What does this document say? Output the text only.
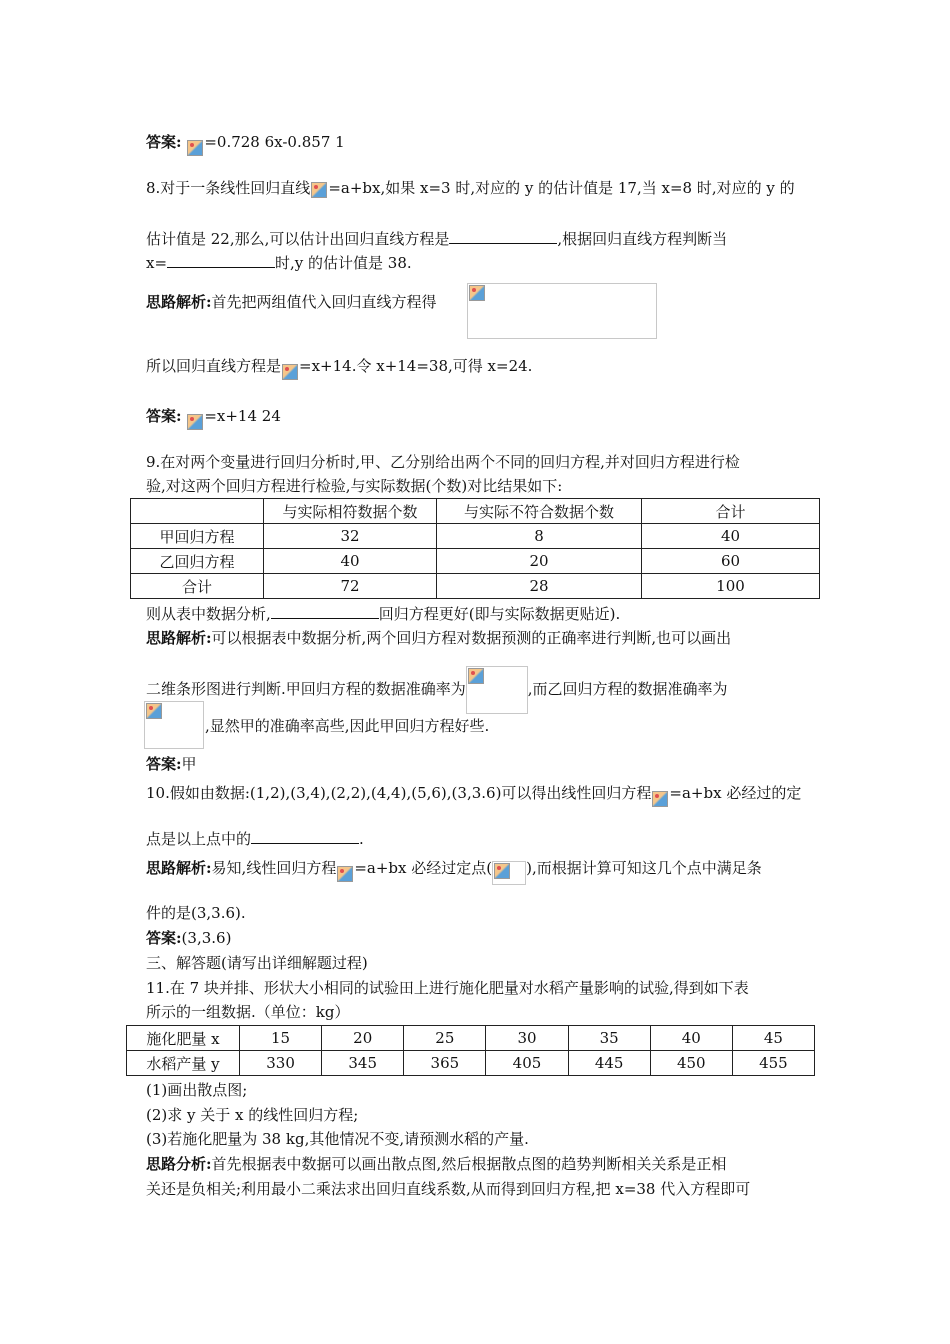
答案: =0.728 6x-0.857 1
8.对于一条线性回归直线 =a+bx,如果 x=3 时,对应的 y 的估计值是 17,当 x=8 时,对应的 y 的
估计值是 22,那么,可以估计出回归直线方程是	,根据回归直线方程判断当
x=	时,y 的估计值是 38.
思路解析:首先把两组值代入回归直线方程得
所以回归直线方程是 =x+14.令 x+14=38,可得 x=24.
答案: =x+14 24
9.在对两个变量进行回归分析时,甲、乙分别给出两个不同的回归方程,并对回归方程进行检
验,对这两个回归方程进行检验,与实际数据(个数)对比结果如下:
	与实际相符数据个数	与实际不符合数据个数	合计
甲回归方程	32	8	40
乙回归方程	40	20	60
合计	72	28	100
则从表中数据分析,	回归方程更好(即与实际数据更贴近).
思路解析:可以根据表中数据分析,两个回归方程对数据预测的正确率进行判断,也可以画出
二维条形图进行判断.甲回归方程的数据准确率为	,而乙回归方程的数据准确率为
,显然甲的准确率高些,因此甲回归方程好些.
答案:甲
10.假如由数据:(1,2),(3,4),(2,2),(4,4),(5,6),(3,3.6)可以得出线性回归方程 =a+bx 必经过的定
点是以上点中的	.
思路解析:易知,线性回归方程 =a+bx 必经过定点( ),而根据计算可知这几个点中满足条
件的是(3,3.6).
答案:(3,3.6)
三、解答题(请写出详细解题过程)
11.在 7 块并排、形状大小相同的试验田上进行施化肥量对水稻产量影响的试验,得到如下表
所示的一组数据.（单位：kg）
施化肥量 x	15	20	25	30	35	40	45
水稻产量 y	330	345	365	405	445	450	455
(1)画出散点图;
(2)求 y 关于 x 的线性回归方程;
(3)若施化肥量为 38 kg,其他情况不变,请预测水稻的产量.
思路分析:首先根据表中数据可以画出散点图,然后根据散点图的趋势判断相关关系是正相
关还是负相关;利用最小二乘法求出回归直线系数,从而得到回归方程,把 x=38 代入方程即可
